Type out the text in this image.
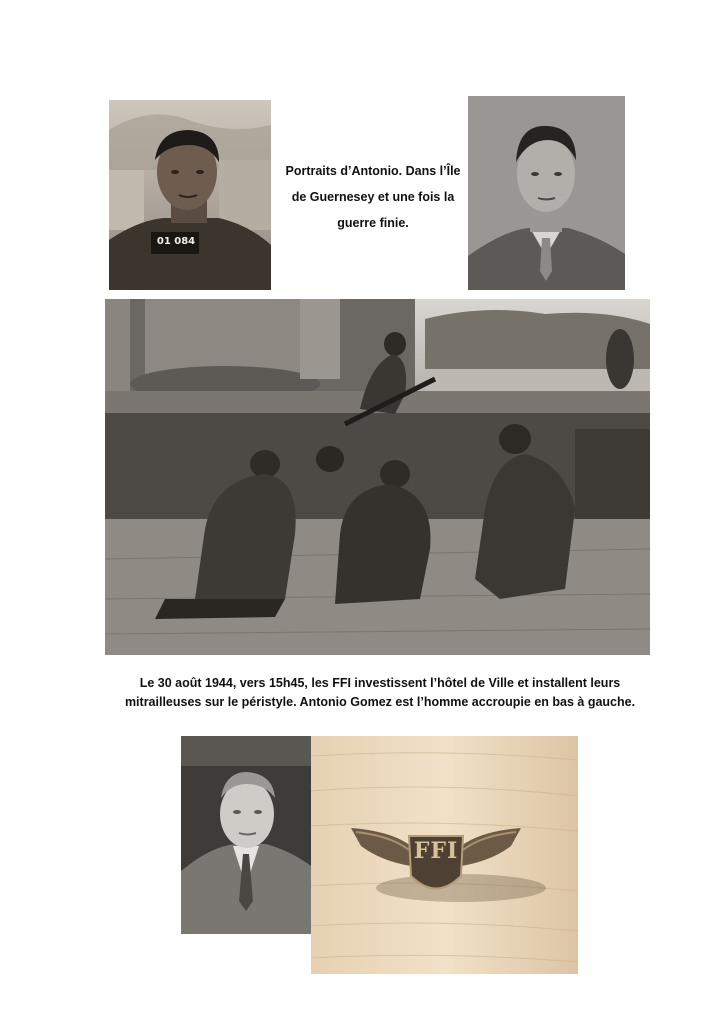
01 084
Portraits d’Antonio. Dans l’Île de Guernesey et une fois la guerre finie.
Le 30 août 1944, vers 15h45, les FFI investissent l’hôtel de Ville et installent leurs mitrailleuses sur le péristyle. Antonio Gomez est l’homme accroupie en bas à gauche.
FFI
